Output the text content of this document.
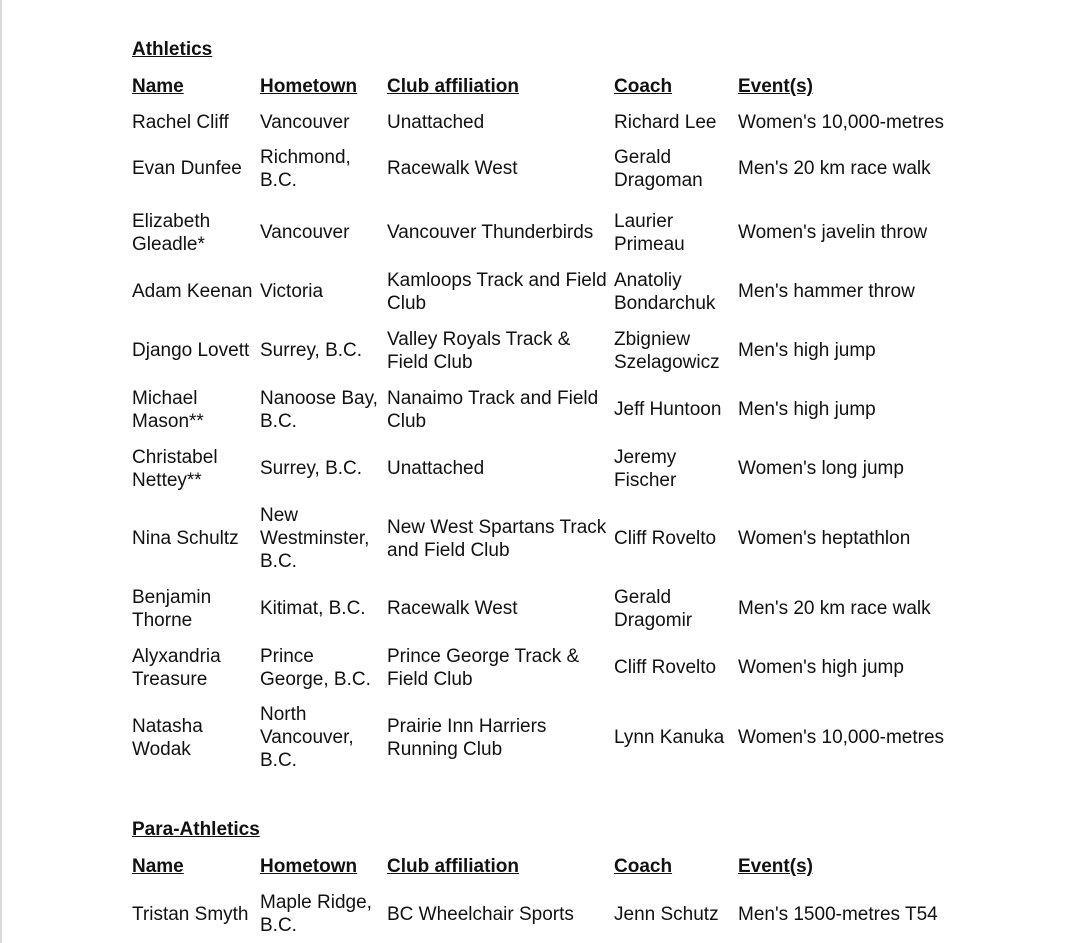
Athletics
Name	Hometown	Club affiliation	Coach	Event(s)
Rachel Cliff	Vancouver	Unattached	Richard Lee	Women's 10,000-metres
Evan Dunfee	Richmond, B.C.	Racewalk West	Gerald Dragoman	Men's 20 km race walk
Elizabeth Gleadle*	Vancouver	Vancouver Thunderbirds	Laurier Primeau	Women's javelin throw
Adam Keenan	Victoria	Kamloops Track and Field Club	Anatoliy Bondarchuk	Men's hammer throw
Django Lovett	Surrey, B.C.	Valley Royals Track & Field Club	Zbigniew Szelagowicz	Men's high jump
Michael Mason**	Nanoose Bay, B.C.	Nanaimo Track and Field Club	Jeff Huntoon	Men's high jump
Christabel Nettey**	Surrey, B.C.	Unattached	Jeremy Fischer	Women's long jump
Nina Schultz	New Westminster, B.C.	New West Spartans Track and Field Club	Cliff Rovelto	Women's heptathlon
Benjamin Thorne	Kitimat, B.C.	Racewalk West	Gerald Dragomir	Men's 20 km race walk
Alyxandria Treasure	Prince George, B.C.	Prince George Track & Field Club	Cliff Rovelto	Women's high jump
Natasha Wodak	North Vancouver, B.C.	Prairie Inn Harriers Running Club	Lynn Kanuka	Women's 10,000-metres
Para-Athletics
Name	Hometown	Club affiliation	Coach	Event(s)
Tristan Smyth	Maple Ridge, B.C.	BC Wheelchair Sports	Jenn Schutz	Men's 1500-metres T54
